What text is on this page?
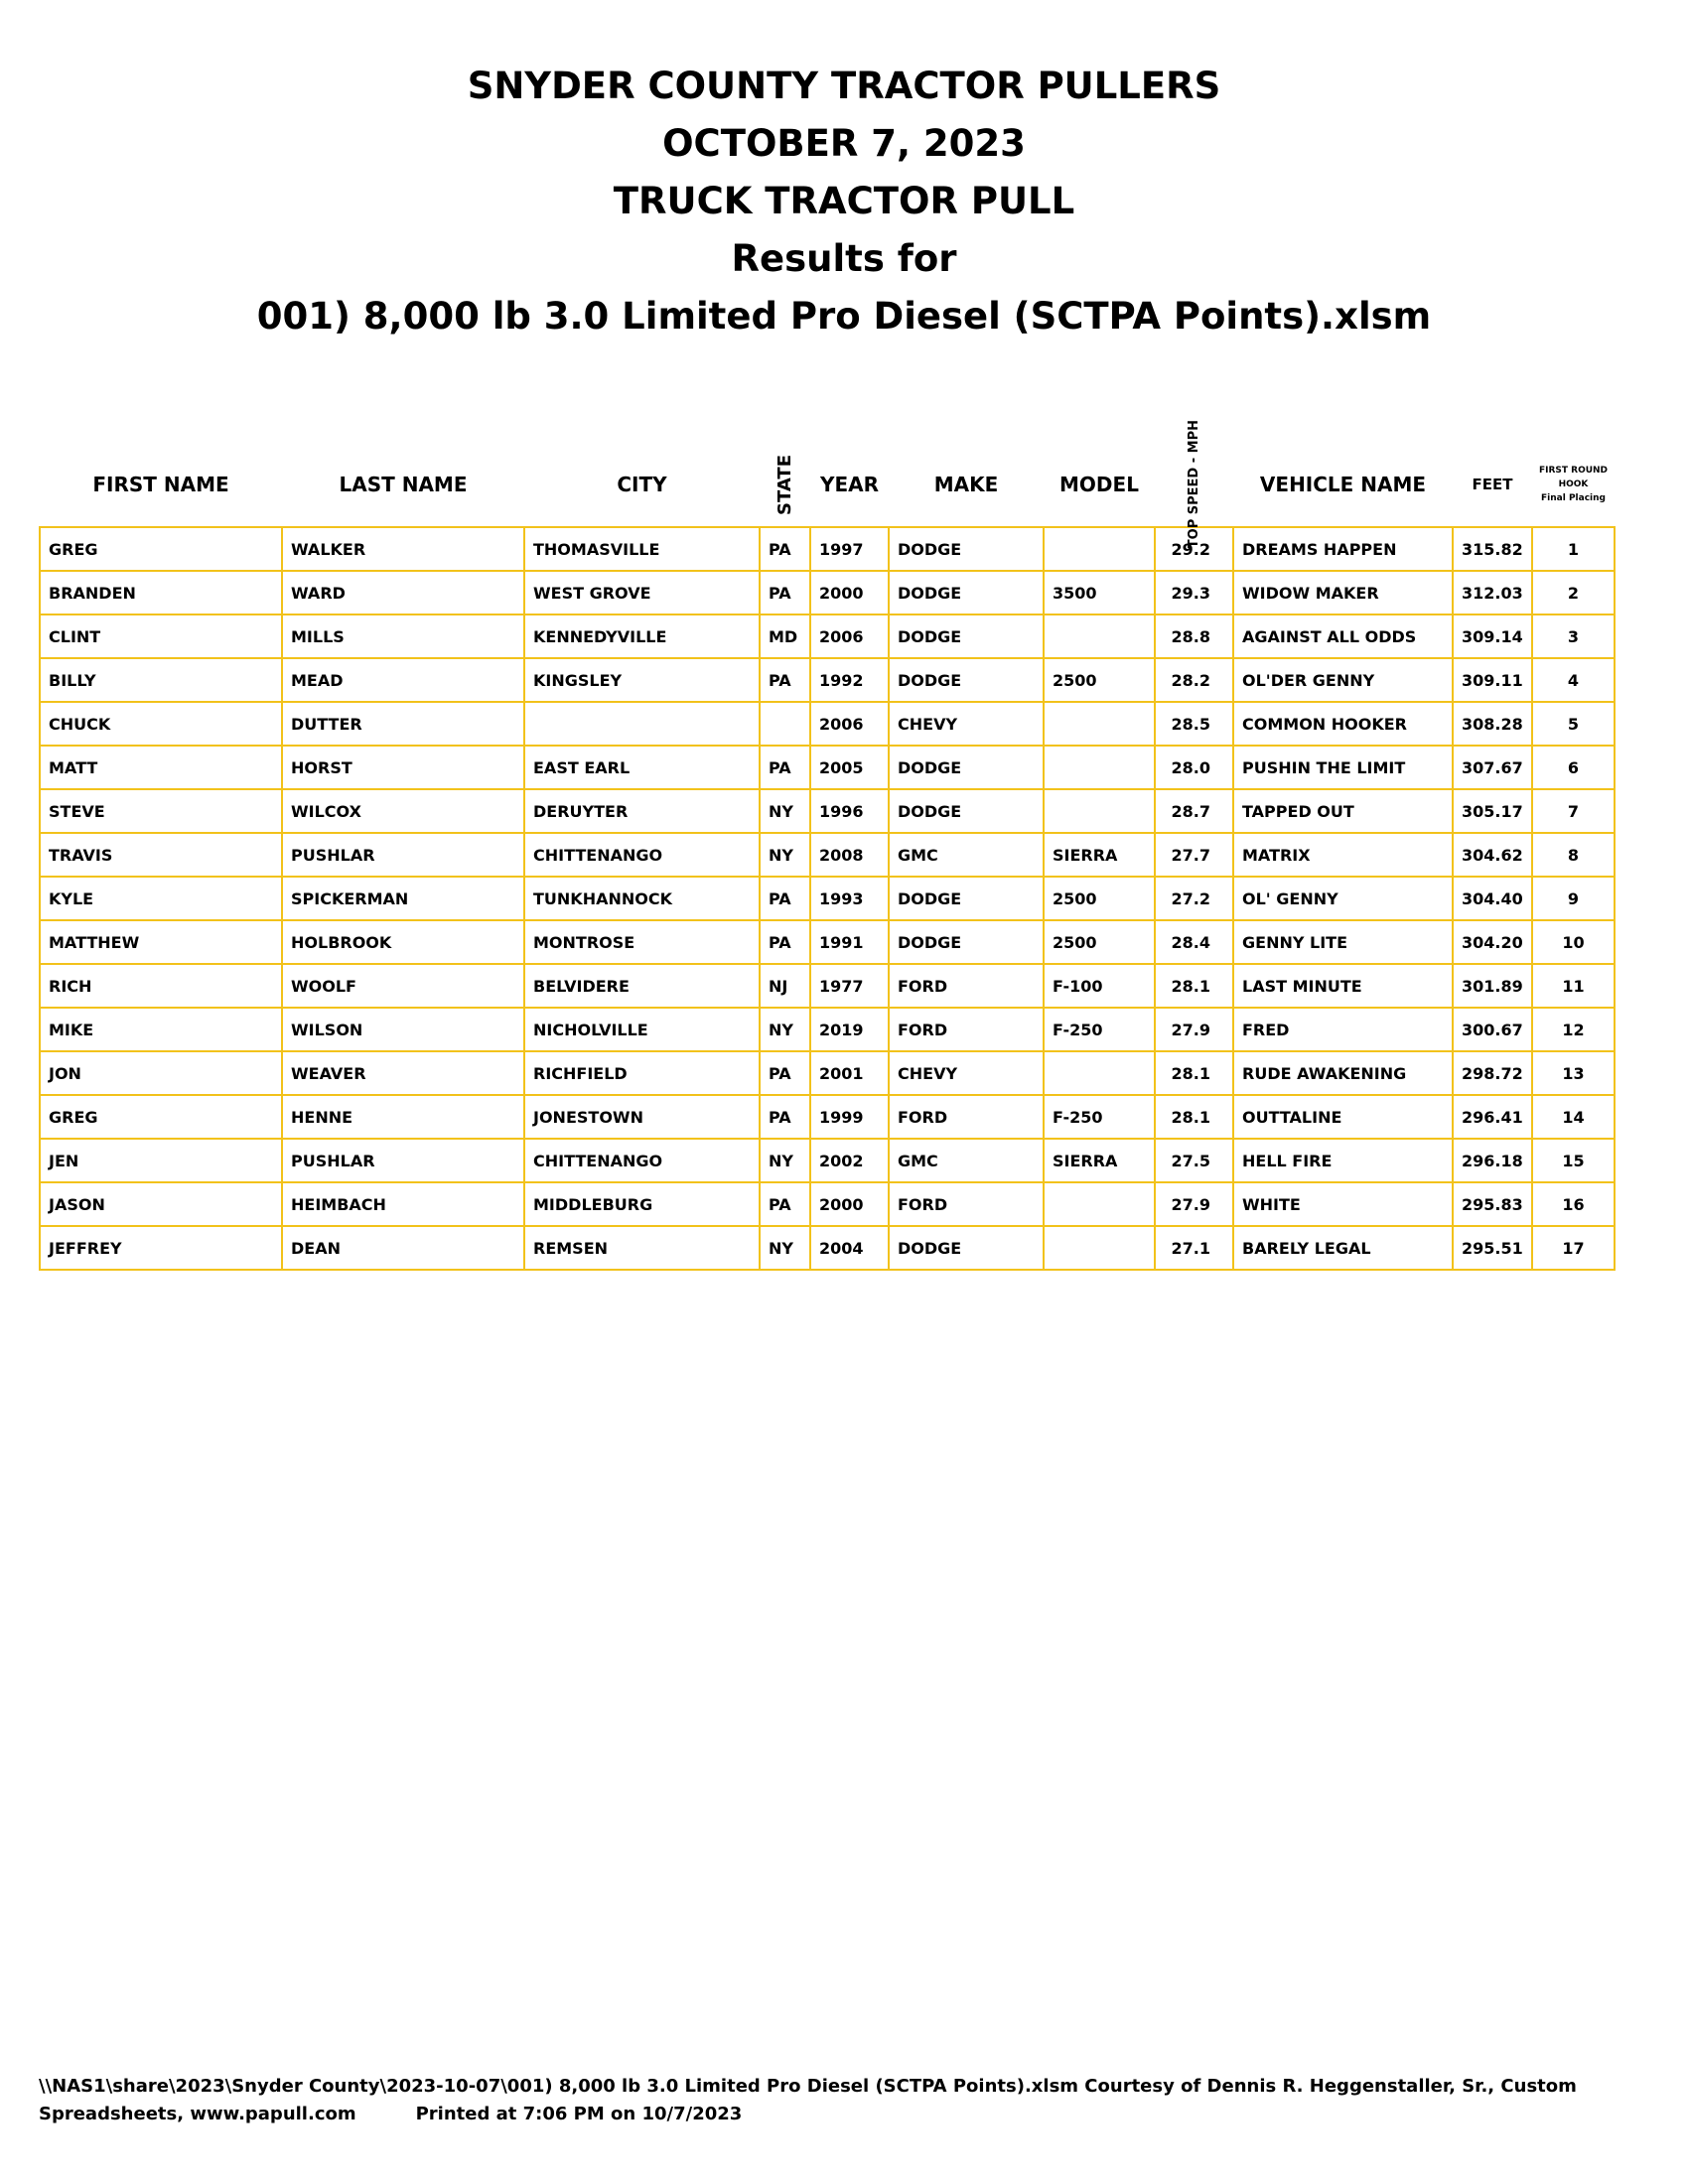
SNYDER COUNTY TRACTOR PULLERS
OCTOBER 7, 2023
TRUCK TRACTOR PULL
Results for
001) 8,000 lb 3.0 Limited Pro Diesel (SCTPA Points).xlsm
FIRST NAME	LAST NAME	CITY	STATE	YEAR	MAKE	MODEL	TOP SPEED - MPH	VEHICLE NAME	FEET	FIRST ROUND
HOOK
Final Placing

GREG	WALKER	THOMASVILLE	PA	1997	DODGE		29.2	DREAMS HAPPEN	315.82	1
BRANDEN	WARD	WEST GROVE	PA	2000	DODGE	3500	29.3	WIDOW MAKER	312.03	2
CLINT	MILLS	KENNEDYVILLE	MD	2006	DODGE		28.8	AGAINST ALL ODDS	309.14	3
BILLY	MEAD	KINGSLEY	PA	1992	DODGE	2500	28.2	OL'DER GENNY	309.11	4
CHUCK	DUTTER			2006	CHEVY		28.5	COMMON HOOKER	308.28	5
MATT	HORST	EAST EARL	PA	2005	DODGE		28.0	PUSHIN THE LIMIT	307.67	6
STEVE	WILCOX	DERUYTER	NY	1996	DODGE		28.7	TAPPED OUT	305.17	7
TRAVIS	PUSHLAR	CHITTENANGO	NY	2008	GMC	SIERRA	27.7	MATRIX	304.62	8
KYLE	SPICKERMAN	TUNKHANNOCK	PA	1993	DODGE	2500	27.2	OL' GENNY	304.40	9
MATTHEW	HOLBROOK	MONTROSE	PA	1991	DODGE	2500	28.4	GENNY LITE	304.20	10
RICH	WOOLF	BELVIDERE	NJ	1977	FORD	F-100	28.1	LAST MINUTE	301.89	11
MIKE	WILSON	NICHOLVILLE	NY	2019	FORD	F-250	27.9	FRED	300.67	12
JON	WEAVER	RICHFIELD	PA	2001	CHEVY		28.1	RUDE AWAKENING	298.72	13
GREG	HENNE	JONESTOWN	PA	1999	FORD	F-250	28.1	OUTTALINE	296.41	14
JEN	PUSHLAR	CHITTENANGO	NY	2002	GMC	SIERRA	27.5	HELL FIRE	296.18	15
JASON	HEIMBACH	MIDDLEBURG	PA	2000	FORD		27.9	WHITE	295.83	16
JEFFREY	DEAN	REMSEN	NY	2004	DODGE		27.1	BARELY LEGAL	295.51	17
\\NAS1\share\2023\Snyder County\2023-10-07\001) 8,000 lb 3.0 Limited Pro Diesel (SCTPA Points).xlsm Courtesy of Dennis R. Heggenstaller, Sr., Custom
Spreadsheets, www.papull.com	Printed at 7:06 PM on 10/7/2023
